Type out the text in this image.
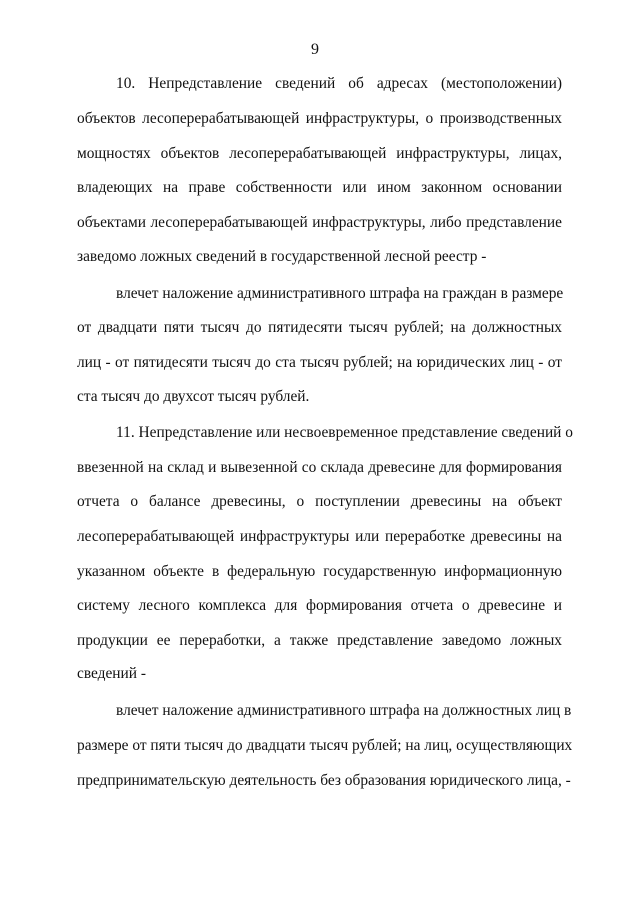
9
10. Непредставление сведений об адресах (местоположении)
объектов лесоперерабатывающей инфраструктуры, о производственных
мощностях объектов лесоперерабатывающей инфраструктуры, лицах,
владеющих на праве собственности или ином законном основании
объектами лесоперерабатывающей инфраструктуры, либо представление
заведомо ложных сведений в государственной лесной реестр -
влечет наложение административного штрафа на граждан в размере
от двадцати пяти тысяч до пятидесяти тысяч рублей; на должностных
лиц - от пятидесяти тысяч до ста тысяч рублей; на юридических лиц - от
ста тысяч до двухсот тысяч рублей.
11. Непредставление или несвоевременное представление сведений о
ввезенной на склад и вывезенной со склада древесине для формирования
отчета о балансе древесины, о поступлении древесины на объект
лесоперерабатывающей инфраструктуры или переработке древесины на
указанном объекте в федеральную государственную информационную
систему лесного комплекса для формирования отчета о древесине и
продукции ее переработки, а также представление заведомо ложных
сведений -
влечет наложение административного штрафа на должностных лиц в
размере от пяти тысяч до двадцати тысяч рублей; на лиц, осуществляющих
предпринимательскую деятельность без образования юридического лица, -
